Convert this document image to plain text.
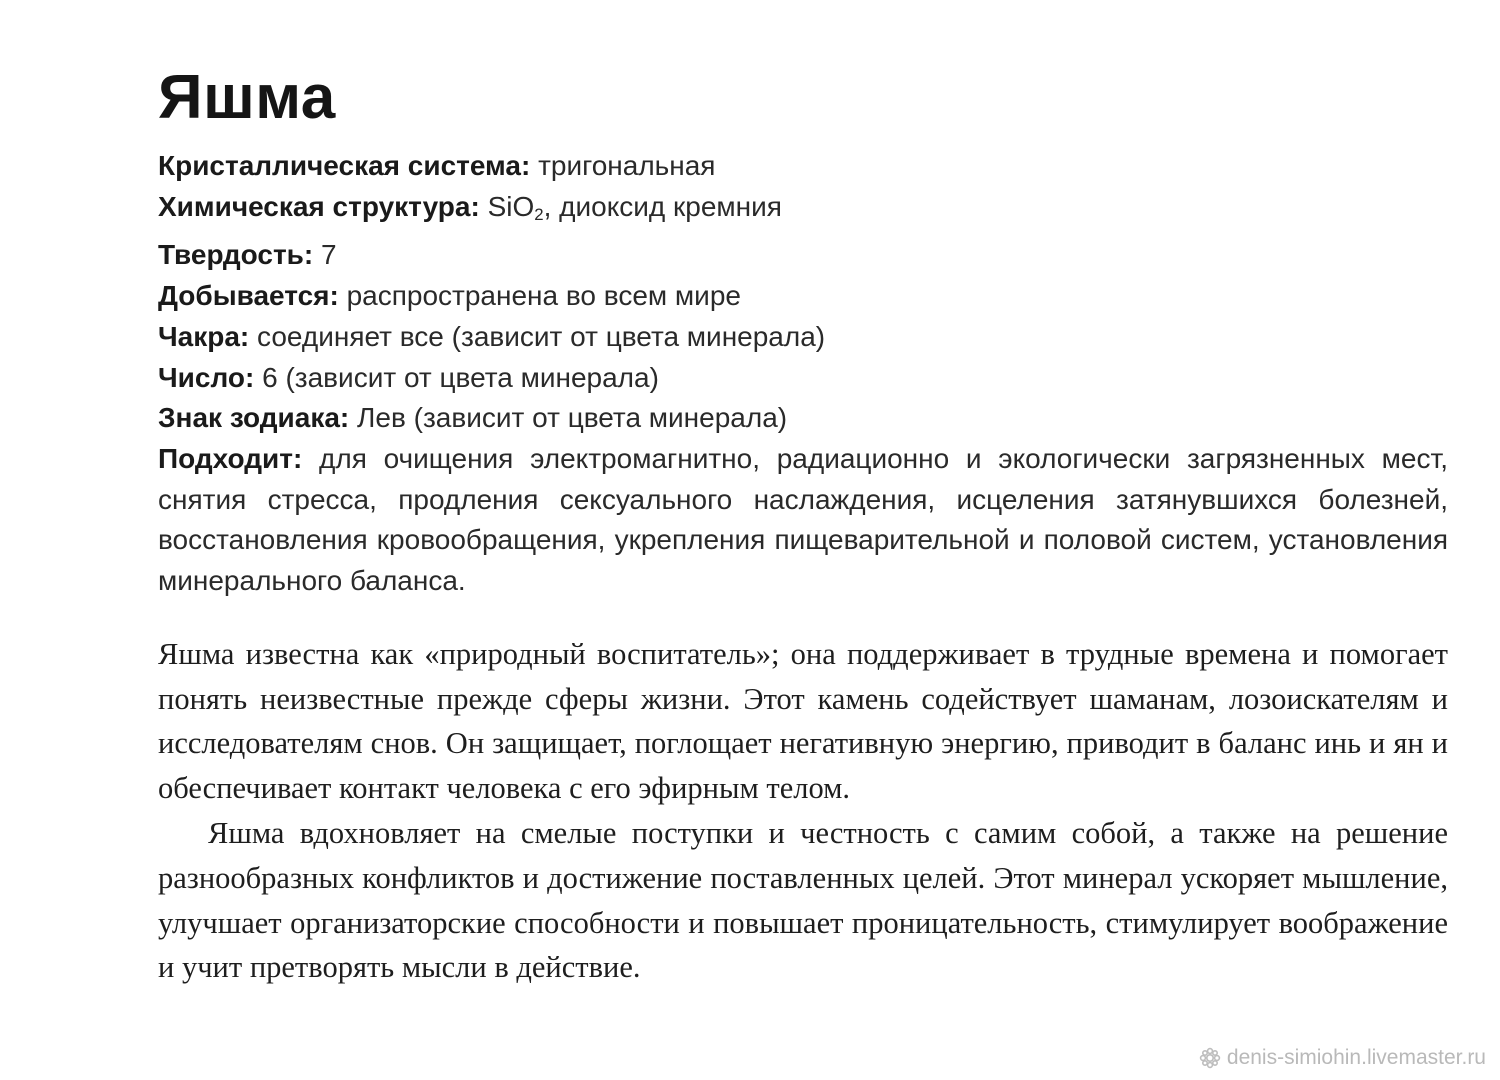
Яшма
Кристаллическая система: тригональная
Химическая структура: SiO$_2$, диоксид кремния
Твердость: 7
Добывается: распространена во всем мире
Чакра: соединяет все (зависит от цвета минерала)
Число: 6 (зависит от цвета минерала)
Знак зодиака: Лев (зависит от цвета минерала)
Подходит: для очищения электромагнитно, радиационно и экологически загрязненных мест, снятия стресса, продления сексуального наслаждения, исцеления затянувшихся болезней, восстановления кровообращения, укрепления пищеварительной и половой систем, установления минерального баланса.

Яшма известна как «природный воспитатель»; она поддерживает в трудные времена и помогает понять неизвестные прежде сферы жизни. Этот камень содействует шаманам, лозоискателям и исследователям снов. Он защищает, поглощает негативную энергию, приводит в баланс инь и ян и обеспечивает контакт человека с его эфирным телом.

Яшма вдохновляет на смелые поступки и честность с самим собой, а также на решение разнообразных конфликтов и достижение поставленных целей. Этот минерал ускоряет мышление, улучшает организаторские способности и повышает проницательность, стимулирует воображение и учит претворять мысли в действие.

denis-simiohin.livemaster.ru
